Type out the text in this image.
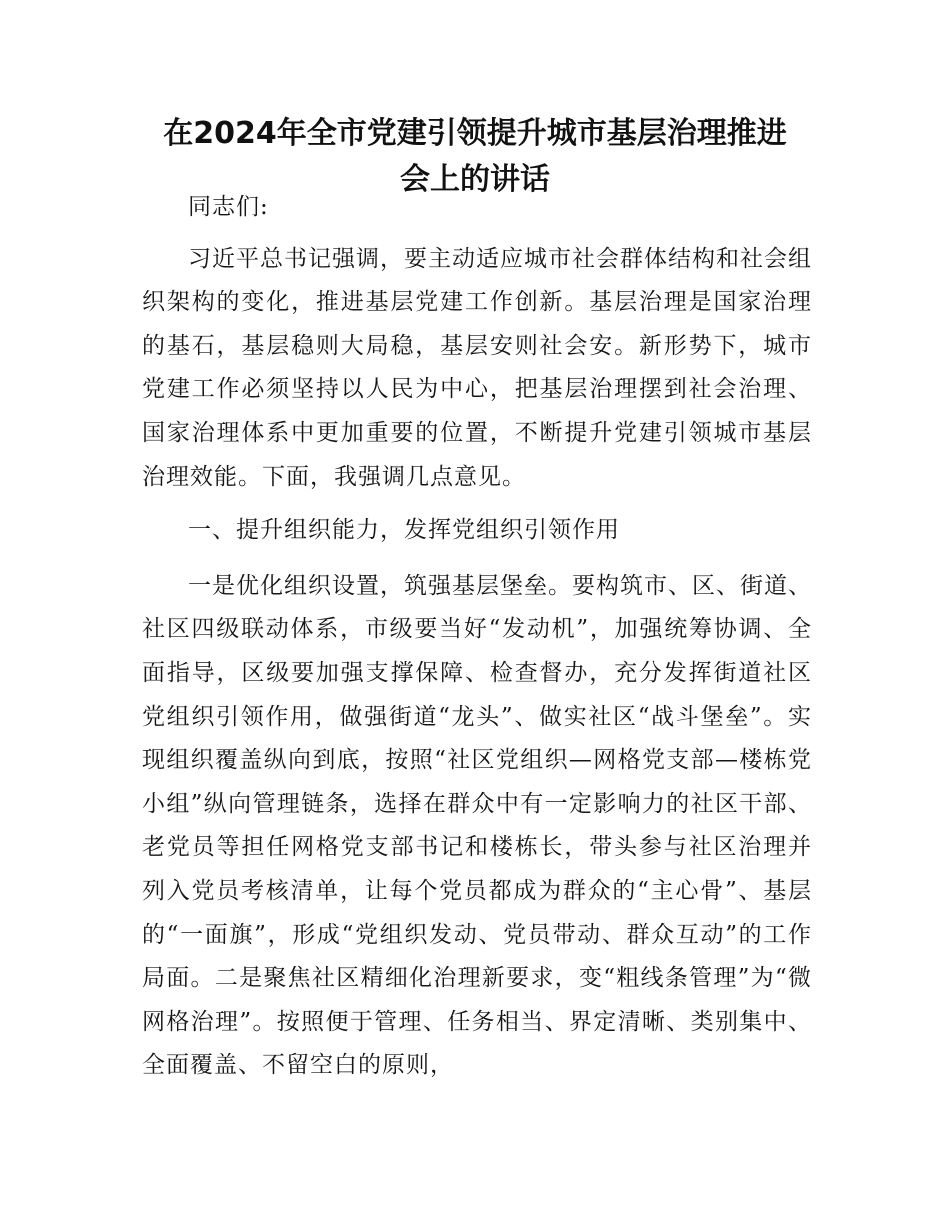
在2024年全市党建引领提升城市基层治理推进
会上的讲话

同志们:

习近平总书记强调，要主动适应城市社会群体结构和社会组织架构的变化，推进基层党建工作创新。基层治理是国家治理的基石，基层稳则大局稳，基层安则社会安。新形势下，城市党建工作必须坚持以人民为中心，把基层治理摆到社会治理、国家治理体系中更加重要的位置，不断提升党建引领城市基层治理效能。下面，我强调几点意见。

一、提升组织能力，发挥党组织引领作用

一是优化组织设置，筑强基层堡垒。要构筑市、区、街道、社区四级联动体系，市级要当好“发动机”，加强统筹协调、全面指导，区级要加强支撑保障、检查督办，充分发挥街道社区党组织引领作用，做强街道“龙头”、做实社区“战斗堡垒”。实现组织覆盖纵向到底，按照“社区党组织—网格党支部—楼栋党小组”纵向管理链条，选择在群众中有一定影响力的社区干部、老党员等担任网格党支部书记和楼栋长，带头参与社区治理并列入党员考核清单，让每个党员都成为群众的“主心骨”、基层的“一面旗”，形成“党组织发动、党员带动、群众互动”的工作局面。二是聚焦社区精细化治理新要求，变“粗线条管理”为“微网格治理”。按照便于管理、任务相当、界定清晰、类别集中、全面覆盖、不留空白的原则，
